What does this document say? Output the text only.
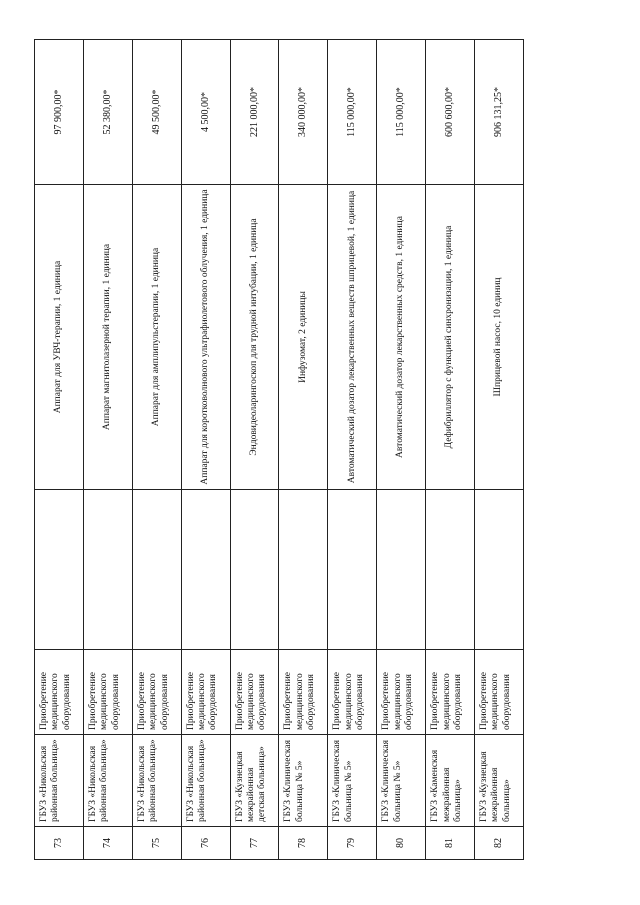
73	ГБУЗ «Никольская районная больница»	Приобретение медицинского оборудования		Аппарат для УВЧ-терапии, 1 единица	97 900,00*
74	ГБУЗ «Никольская районная больница»	Приобретение медицинского оборудования		Аппарат магнитолазерной терапии, 1 единица	52 380,00*
75	ГБУЗ «Никольская районная больница»	Приобретение медицинского оборудования		Аппарат для амплипульстерапии, 1 единица	49 500,00*
76	ГБУЗ «Никольская районная больница»	Приобретение медицинского оборудования		Аппарат для коротковолнового ультрафиолетового облучения, 1 единица	4 500,00*
77	ГБУЗ «Кузнецкая межрайонная детская больница»	Приобретение медицинского оборудования		Эндовидеоларингоскоп для трудной интубации, 1 единица	221 000,00*
78	ГБУЗ «Клиническая больница № 5»	Приобретение медицинского оборудования		Инфузомат, 2 единицы	340 000,00*
79	ГБУЗ «Клиническая больница № 5»	Приобретение медицинского оборудования		Автоматический дозатор лекарственных веществ шприцевой, 1 единица	115 000,00*
80	ГБУЗ «Клиническая больница № 5»	Приобретение медицинского оборудования		Автоматический дозатор лекарственных средств, 1 единица	115 000,00*
81	ГБУЗ «Каменская межрайонная больница»	Приобретение медицинского оборудования		Дефибриллятор с функцией синхронизации, 1 единица	600 600,00*
82	ГБУЗ «Кузнецкая межрайонная больница»	Приобретение медицинского оборудования		Шприцевой насос, 10 единиц	906 131,25*
